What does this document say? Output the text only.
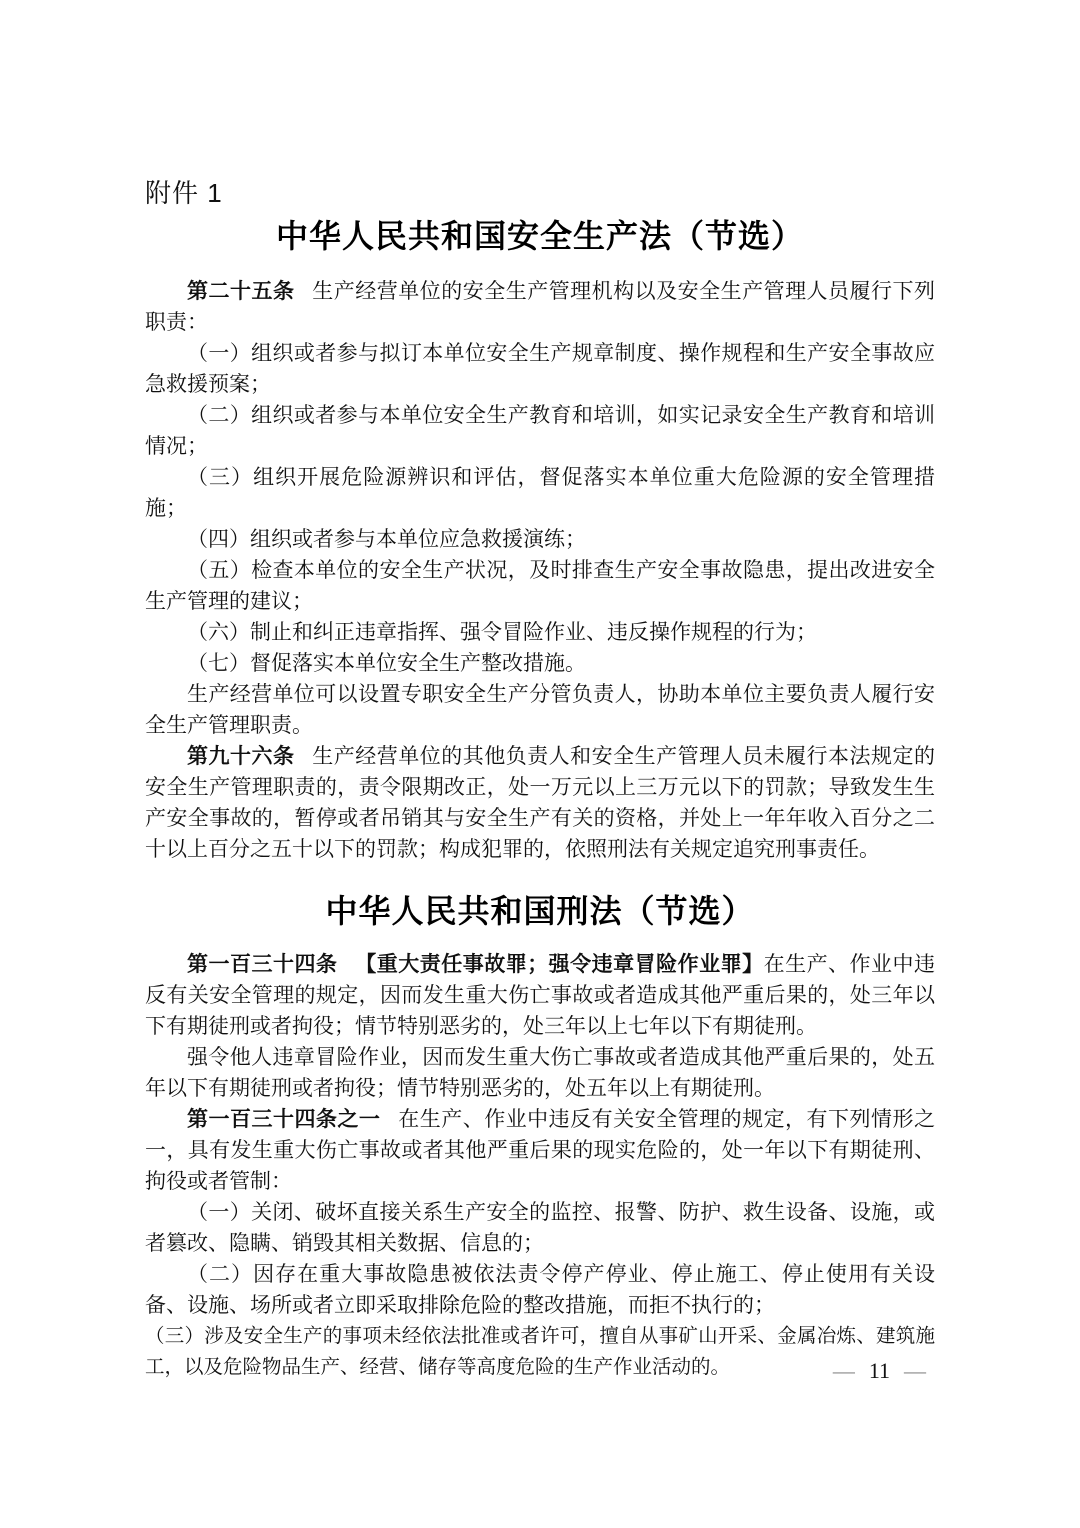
附件 1
中华人民共和国安全生产法（节选）

第二十五条 生产经营单位的安全生产管理机构以及安全生产管理人员履行下列职责：

（一）组织或者参与拟订本单位安全生产规章制度、操作规程和生产安全事故应急救援预案；

（二）组织或者参与本单位安全生产教育和培训，如实记录安全生产教育和培训情况；

（三）组织开展危险源辨识和评估，督促落实本单位重大危险源的安全管理措施；

（四）组织或者参与本单位应急救援演练；

（五）检查本单位的安全生产状况，及时排查生产安全事故隐患，提出改进安全生产管理的建议；

（六）制止和纠正违章指挥、强令冒险作业、违反操作规程的行为；

（七）督促落实本单位安全生产整改措施。

生产经营单位可以设置专职安全生产分管负责人，协助本单位主要负责人履行安全生产管理职责。

第九十六条 生产经营单位的其他负责人和安全生产管理人员未履行本法规定的安全生产管理职责的，责令限期改正，处一万元以上三万元以下的罚款；导致发生生产安全事故的，暂停或者吊销其与安全生产有关的资格，并处上一年年收入百分之二十以上百分之五十以下的罚款；构成犯罪的，依照刑法有关规定追究刑事责任。

中华人民共和国刑法（节选）

第一百三十四条 【重大责任事故罪；强令违章冒险作业罪】在生产、作业中违反有关安全管理的规定，因而发生重大伤亡事故或者造成其他严重后果的，处三年以下有期徒刑或者拘役；情节特别恶劣的，处三年以上七年以下有期徒刑。

强令他人违章冒险作业，因而发生重大伤亡事故或者造成其他严重后果的，处五年以下有期徒刑或者拘役；情节特别恶劣的，处五年以上有期徒刑。

第一百三十四条之一 在生产、作业中违反有关安全管理的规定，有下列情形之一，具有发生重大伤亡事故或者其他严重后果的现实危险的，处一年以下有期徒刑、拘役或者管制：

（一）关闭、破坏直接关系生产安全的监控、报警、防护、救生设备、设施，或者篡改、隐瞒、销毁其相关数据、信息的；

（二）因存在重大事故隐患被依法责令停产停业、停止施工、停止使用有关设备、设施、场所或者立即采取排除危险的整改措施，而拒不执行的；

（三）涉及安全生产的事项未经依法批准或者许可，擅自从事矿山开采、金属冶炼、建筑施工，以及危险物品生产、经营、储存等高度危险的生产作业活动的。	— 11 —
